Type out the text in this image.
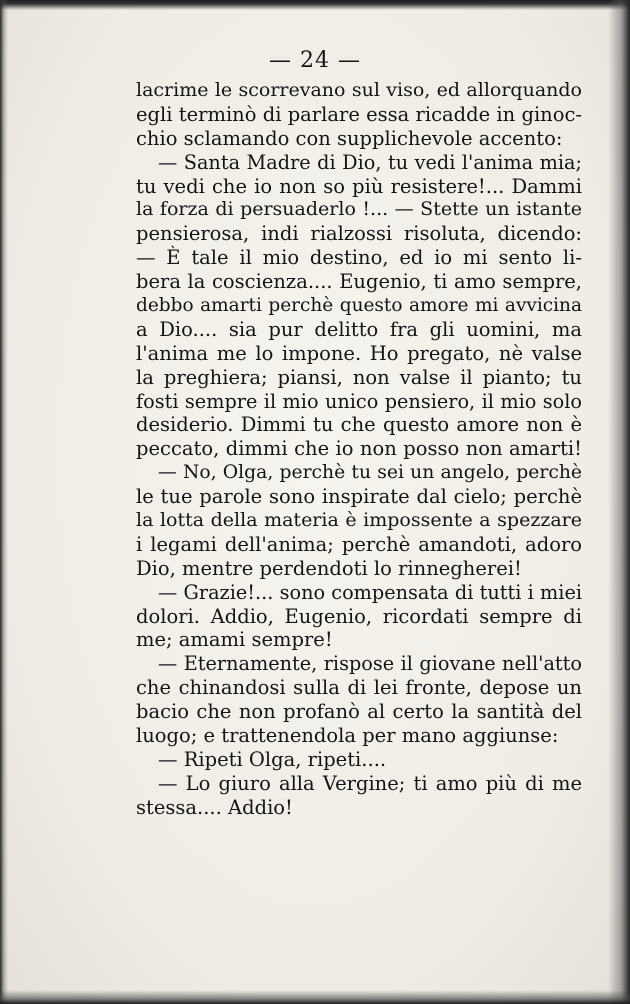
— 24 —
lacrime le scorrevano sul viso, ed allorquando
egli terminò di parlare essa ricadde in ginoc-
chio sclamando con supplichevole accento:
— Santa Madre di Dio, tu vedi l'anima mia;
tu vedi che io non so più resistere!... Dammi
la forza di persuaderlo !... — Stette un istante
pensierosa, indi rialzossi risoluta, dicendo:
— È tale il mio destino, ed io mi sento li-
bera la coscienza.... Eugenio, ti amo sempre,
debbo amarti perchè questo amore mi avvicina
a Dio.... sia pur delitto fra gli uomini, ma
l'anima me lo impone. Ho pregato, nè valse
la preghiera; piansi, non valse il pianto; tu
fosti sempre il mio unico pensiero, il mio solo
desiderio. Dimmi tu che questo amore non è
peccato, dimmi che io non posso non amarti!
— No, Olga, perchè tu sei un angelo, perchè
le tue parole sono inspirate dal cielo; perchè
la lotta della materia è impossente a spezzare
i legami dell'anima; perchè amandoti, adoro
Dio, mentre perdendoti lo rinnegherei!
— Grazie!... sono compensata di tutti i miei
dolori. Addio, Eugenio, ricordati sempre di
me; amami sempre!
— Eternamente, rispose il giovane nell'atto
che chinandosi sulla di lei fronte, depose un
bacio che non profanò al certo la santità del
luogo; e trattenendola per mano aggiunse:
— Ripeti Olga, ripeti....
— Lo giuro alla Vergine; ti amo più di me
stessa.... Addio!
